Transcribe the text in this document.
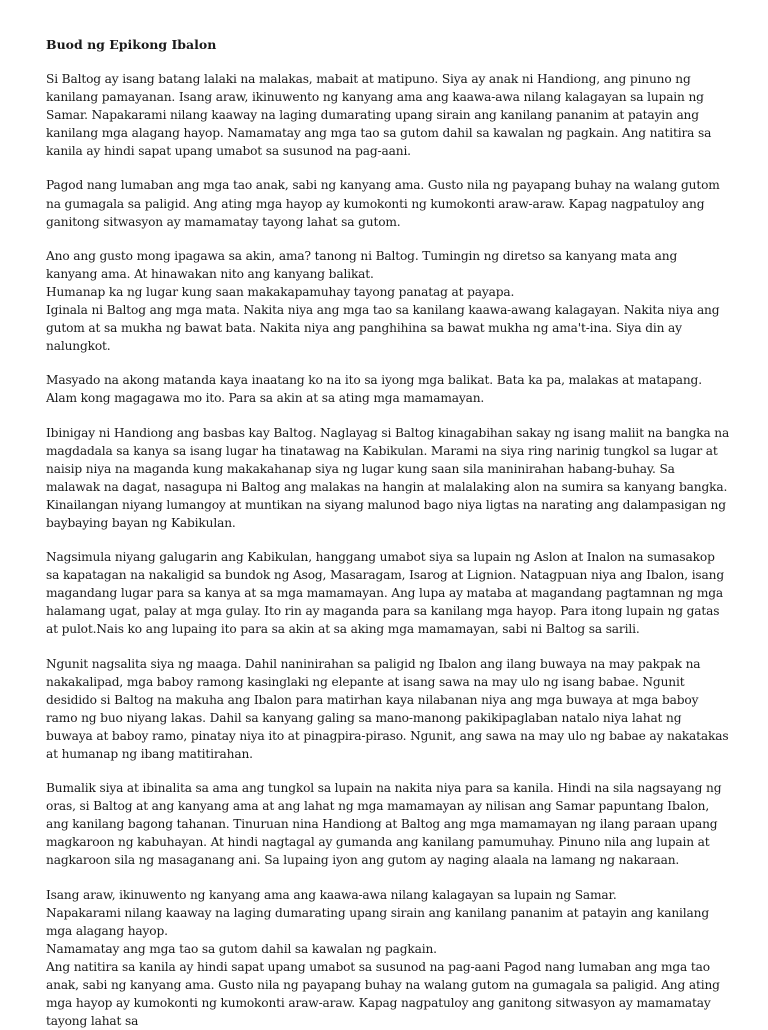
Buod ng Epikong Ibalon
Si Baltog ay isang batang lalaki na malakas, mabait at matipuno. Siya ay anak ni Handiong, ang pinuno ng kanilang pamayanan. Isang araw, ikinuwento ng kanyang ama ang kaawa-awa nilang kalagayan sa lupain ng Samar. Napakarami nilang kaaway na laging dumarating upang sirain ang kanilang pananim at patayin ang kanilang mga alagang hayop. Namamatay ang mga tao sa gutom dahil sa kawalan ng pagkain. Ang natitira sa kanila ay hindi sapat upang umabot sa susunod na pag-aani.
Pagod nang lumaban ang mga tao anak, sabi ng kanyang ama. Gusto nila ng payapang buhay na walang gutom na gumagala sa paligid. Ang ating mga hayop ay kumokonti ng kumokonti araw-araw. Kapag nagpatuloy ang ganitong sitwasyon ay mamamatay tayong lahat sa gutom.
Ano ang gusto mong ipagawa sa akin, ama? tanong ni Baltog. Tumingin ng diretso sa kanyang mata ang kanyang ama. At hinawakan nito ang kanyang balikat.
Humanap ka ng lugar kung saan makakapamuhay tayong panatag at payapa.
Iginala ni Baltog ang mga mata. Nakita niya ang mga tao sa kanilang kaawa-awang kalagayan. Nakita niya ang gutom at sa mukha ng bawat bata. Nakita niya ang panghihina sa bawat mukha ng ama't-ina. Siya din ay nalungkot.
Masyado na akong matanda kaya inaatang ko na ito sa iyong mga balikat. Bata ka pa, malakas at matapang. Alam kong magagawa mo ito. Para sa akin at sa ating mga mamamayan.
Ibinigay ni Handiong ang basbas kay Baltog. Naglayag si Baltog kinagabihan sakay ng isang maliit na bangka na magdadala sa kanya sa isang lugar ha tinatawag na Kabikulan. Marami na siya ring narinig tungkol sa lugar at naisip niya na maganda kung makakahanap siya ng lugar kung saan sila maninirahan habang-buhay. Sa malawak na dagat, nasagupa ni Baltog ang malakas na hangin at malalaking alon na sumira sa kanyang bangka. Kinailangan niyang lumangoy at muntikan na siyang malunod bago niya ligtas na narating ang dalampasigan ng baybaying bayan ng Kabikulan.
Nagsimula niyang galugarin ang Kabikulan, hanggang umabot siya sa lupain ng Aslon at Inalon na sumasakop sa kapatagan na nakaligid sa bundok ng Asog, Masaragam, Isarog at Lignion. Natagpuan niya ang Ibalon, isang magandang lugar para sa kanya at sa mga mamamayan. Ang lupa ay mataba at magandang pagtamnan ng mga halamang ugat, palay at mga gulay. Ito rin ay maganda para sa kanilang mga hayop. Para itong lupain ng gatas at pulot.Nais ko ang lupaing ito para sa akin at sa aking mga mamamayan, sabi ni Baltog sa sarili.
Ngunit nagsalita siya ng maaga. Dahil naninirahan sa paligid ng Ibalon ang ilang buwaya na may pakpak na nakakalipad, mga baboy ramong kasinglaki ng elepante at isang sawa na may ulo ng isang babae. Ngunit desidido si Baltog na makuha ang Ibalon para matirhan kaya nilabanan niya ang mga buwaya at mga baboy ramo ng buo niyang lakas. Dahil sa kanyang galing sa mano-manong pakikipaglaban natalo niya lahat ng buwaya at baboy ramo, pinatay niya ito at pinagpira-piraso. Ngunit, ang sawa na may ulo ng babae ay nakatakas at humanap ng ibang matitirahan.
Bumalik siya at ibinalita sa ama ang tungkol sa lupain na nakita niya para sa kanila. Hindi na sila nagsayang ng oras, si Baltog at ang kanyang ama at ang lahat ng mga mamamayan ay nilisan ang Samar papuntang Ibalon, ang kanilang bagong tahanan. Tinuruan nina Handiong at Baltog ang mga mamamayan ng ilang paraan upang magkaroon ng kabuhayan. At hindi nagtagal ay gumanda ang kanilang pamumuhay. Pinuno nila ang lupain at nagkaroon sila ng masaganang ani. Sa lupaing iyon ang gutom ay naging alaala na lamang ng nakaraan.
Isang araw, ikinuwento ng kanyang ama ang kaawa-awa nilang kalagayan sa lupain ng Samar.
Napakarami nilang kaaway na laging dumarating upang sirain ang kanilang pananim at patayin ang kanilang mga alagang hayop.
Namamatay ang mga tao sa gutom dahil sa kawalan ng pagkain.
Ang natitira sa kanila ay hindi sapat upang umabot sa susunod na pag-aani Pagod nang lumaban ang mga tao anak, sabi ng kanyang ama. Gusto nila ng payapang buhay na walang gutom na gumagala sa paligid. Ang ating mga hayop ay kumokonti ng kumokonti araw-araw. Kapag nagpatuloy ang ganitong sitwasyon ay mamamatay tayong lahat sa
